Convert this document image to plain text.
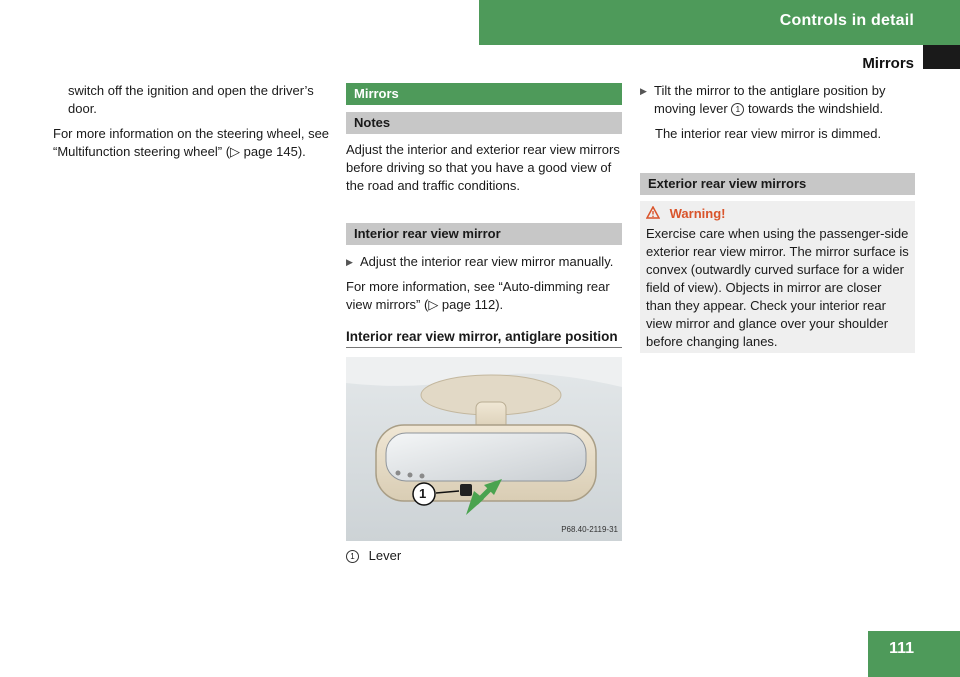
Controls in detail
Mirrors

switch off the ignition and open the driver’s door.

For more information on the steering wheel, see “Multifunction steering wheel” (▷ page 145).

Mirrors
Notes

Adjust the interior and exterior rear view mirrors before driving so that you have a good view of the road and traffic conditions.

Interior rear view mirror
▶ Adjust the interior rear view mirror manually.

For more information, see “Auto-dimming rear view mirrors” (▷ page 112).

Interior rear view mirror, antiglare position
1
P68.40-2119-31

1 Lever

▶ Tilt the mirror to the antiglare position by moving lever 1 towards the windshield.

The interior rear view mirror is dimmed.

Exterior rear view mirrors
Warning!

Exercise care when using the passenger-side exterior rear view mirror. The mirror surface is convex (outwardly curved surface for a wider field of view). Objects in mirror are closer than they appear. Check your interior rear view mirror and glance over your shoulder before changing lanes.

111
